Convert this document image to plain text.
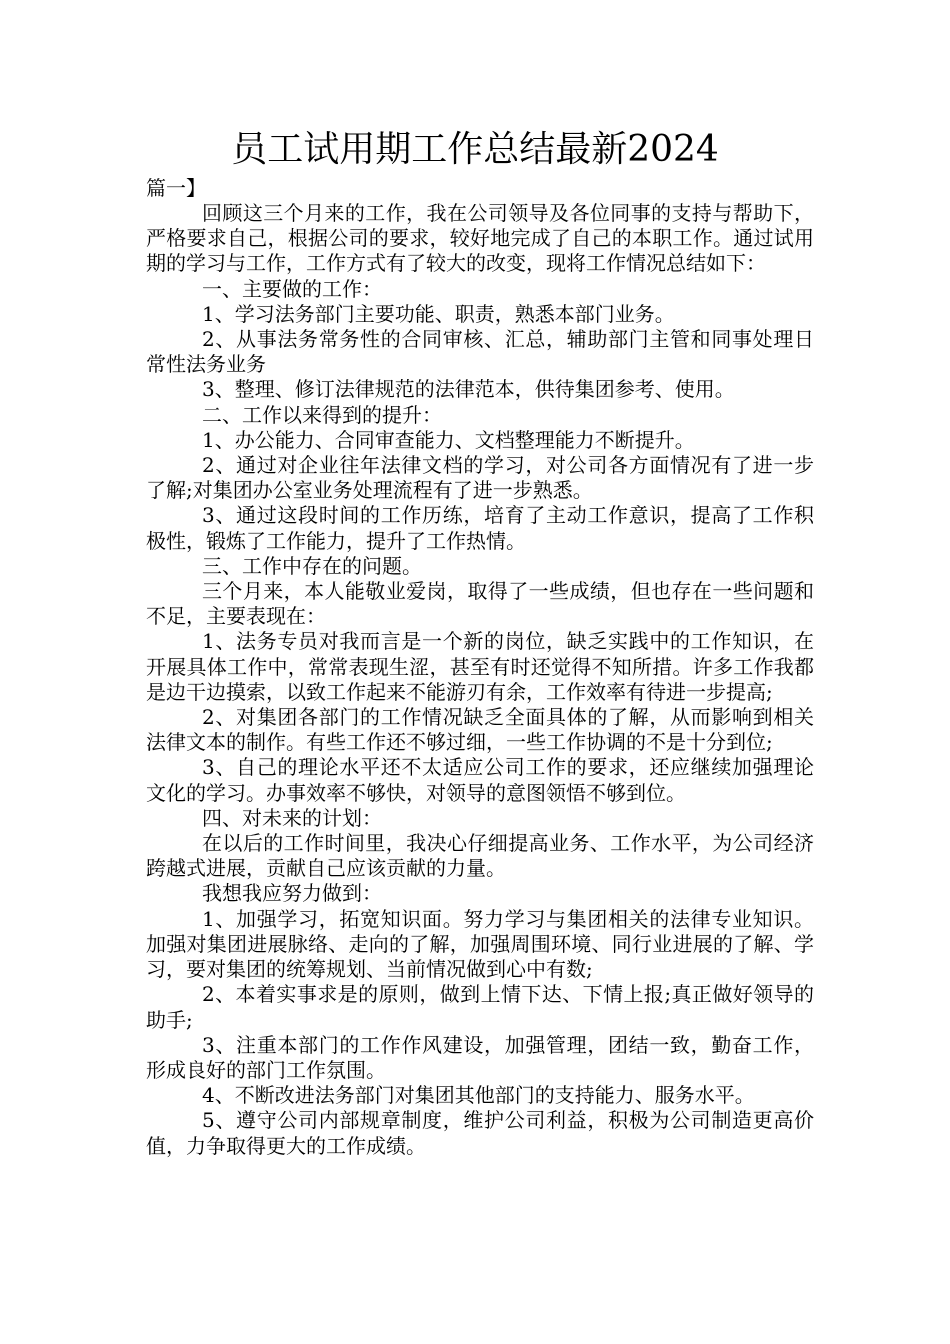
员工试用期工作总结最新2024

篇一】

回顾这三个月来的工作，我在公司领导及各位同事的支持与帮助下，严格要求自己，根据公司的要求，较好地完成了自己的本职工作。通过试用期的学习与工作，工作方式有了较大的改变，现将工作情况总结如下：

一、主要做的工作：

1、学习法务部门主要功能、职责，熟悉本部门业务。

2、从事法务常务性的合同审核、汇总，辅助部门主管和同事处理日常性法务业务

3、整理、修订法律规范的法律范本，供待集团参考、使用。

二、工作以来得到的提升：

1、办公能力、合同审查能力、文档整理能力不断提升。

2、通过对企业往年法律文档的学习，对公司各方面情况有了进一步了解;对集团办公室业务处理流程有了进一步熟悉。

3、通过这段时间的工作历练，培育了主动工作意识，提高了工作积极性，锻炼了工作能力，提升了工作热情。

三、工作中存在的问题。

三个月来，本人能敬业爱岗，取得了一些成绩，但也存在一些问题和不足，主要表现在：

1、法务专员对我而言是一个新的岗位，缺乏实践中的工作知识，在开展具体工作中，常常表现生涩，甚至有时还觉得不知所措。许多工作我都是边干边摸索，以致工作起来不能游刃有余，工作效率有待进一步提高;

2、对集团各部门的工作情况缺乏全面具体的了解，从而影响到相关法律文本的制作。有些工作还不够过细，一些工作协调的不是十分到位;

3、自己的理论水平还不太适应公司工作的要求，还应继续加强理论文化的学习。办事效率不够快，对领导的意图领悟不够到位。

四、对未来的计划：

在以后的工作时间里，我决心仔细提高业务、工作水平，为公司经济跨越式进展，贡献自己应该贡献的力量。

我想我应努力做到：

1、加强学习，拓宽知识面。努力学习与集团相关的法律专业知识。加强对集团进展脉络、走向的了解，加强周围环境、同行业进展的了解、学习，要对集团的统筹规划、当前情况做到心中有数;

2、本着实事求是的原则，做到上情下达、下情上报;真正做好领导的助手;

3、注重本部门的工作作风建设，加强管理，团结一致，勤奋工作，形成良好的部门工作氛围。

4、不断改进法务部门对集团其他部门的支持能力、服务水平。

5、遵守公司内部规章制度，维护公司利益，积极为公司制造更高价值，力争取得更大的工作成绩。
